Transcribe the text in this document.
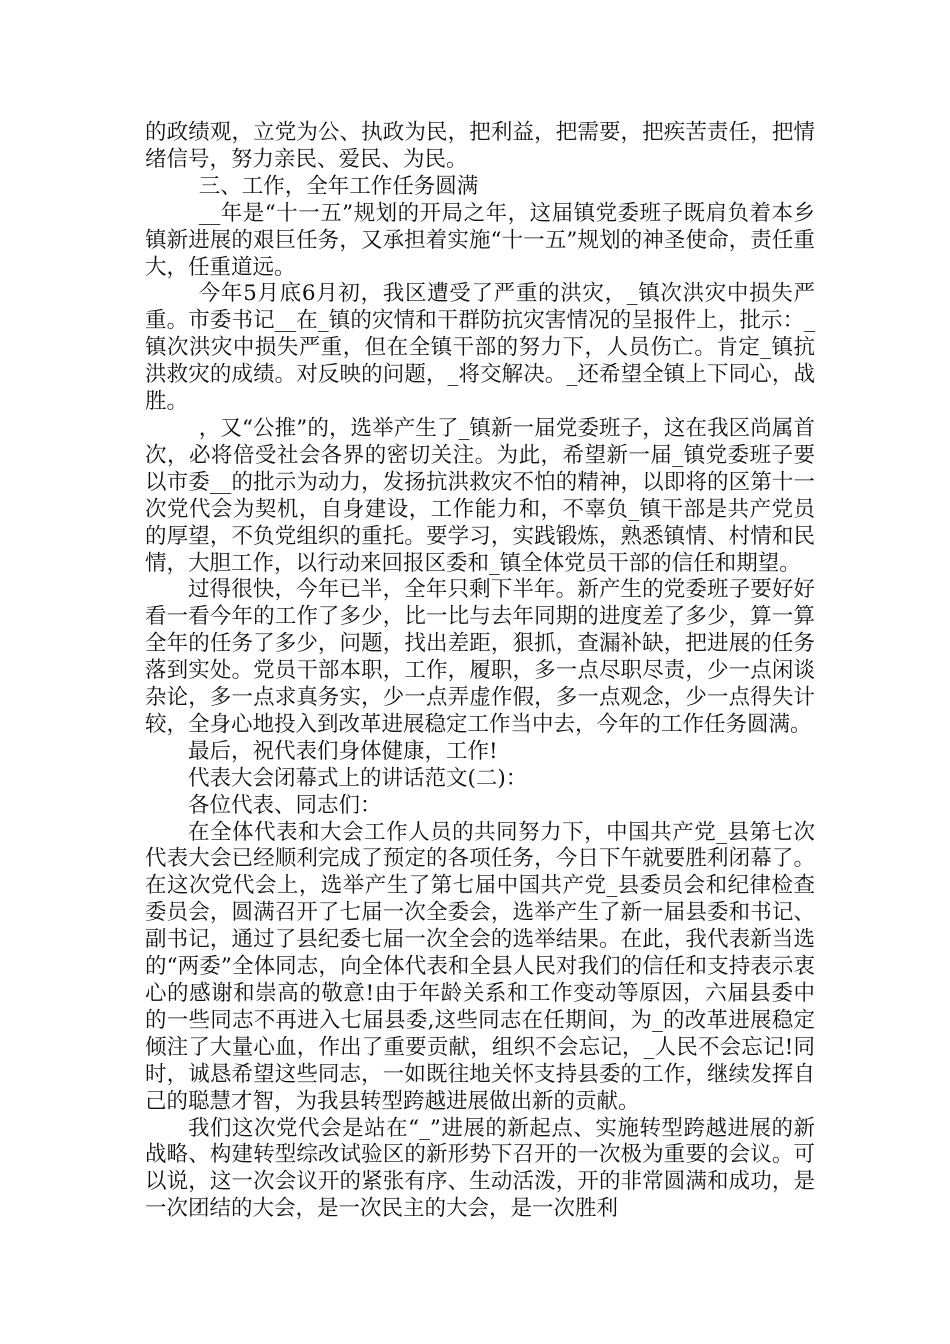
的政绩观，立党为公、执政为民，把利益，把需要，把疾苦责任，把情绪信号，努力亲民、爱民、为民。

三、工作，全年工作任务圆满

__年是“十一五”规划的开局之年，这届镇党委班子既肩负着本乡镇新进展的艰巨任务，又承担着实施“十一五”规划的神圣使命，责任重大，任重道远。

今年5月底6月初，我区遭受了严重的洪灾，_镇次洪灾中损失严重。市委书记__在_镇的灾情和干群防抗灾害情况的呈报件上，批示：_镇次洪灾中损失严重，但在全镇干部的努力下，人员伤亡。肯定_镇抗洪救灾的成绩。对反映的问题，_将交解决。_还希望全镇上下同心，战胜。

，又“公推”的，选举产生了_镇新一届党委班子，这在我区尚属首次，必将倍受社会各界的密切关注。为此，希望新一届_镇党委班子要以市委__的批示为动力，发扬抗洪救灾不怕的精神，以即将的区第十一次党代会为契机，自身建设，工作能力和，不辜负_镇干部是共产党员的厚望，不负党组织的重托。要学习，实践锻炼，熟悉镇情、村情和民情，大胆工作，以行动来回报区委和_镇全体党员干部的信任和期望。

过得很快，今年已半，全年只剩下半年。新产生的党委班子要好好看一看今年的工作了多少，比一比与去年同期的进度差了多少，算一算全年的任务了多少，问题，找出差距，狠抓，查漏补缺，把进展的任务落到实处。党员干部本职，工作，履职，多一点尽职尽责，少一点闲谈杂论，多一点求真务实，少一点弄虚作假，多一点观念，少一点得失计较，全身心地投入到改革进展稳定工作当中去，今年的工作任务圆满。

最后，祝代表们身体健康，工作!

代表大会闭幕式上的讲话范文(二)：

各位代表、同志们：

在全体代表和大会工作人员的共同努力下，中国共产党_县第七次代表大会已经顺利完成了预定的各项任务，今日下午就要胜利闭幕了。在这次党代会上，选举产生了第七届中国共产党_县委员会和纪律检查委员会，圆满召开了七届一次全委会，选举产生了新一届县委和书记、副书记，通过了县纪委七届一次全会的选举结果。在此，我代表新当选的“两委”全体同志，向全体代表和全县人民对我们的信任和支持表示衷心的感谢和崇高的敬意!由于年龄关系和工作变动等原因，六届县委中的一些同志不再进入七届县委,这些同志在任期间，为_的改革进展稳定倾注了大量心血，作出了重要贡献，组织不会忘记，_人民不会忘记!同时，诚恳希望这些同志，一如既往地关怀支持县委的工作，继续发挥自己的聪慧才智，为我县转型跨越进展做出新的贡献。

我们这次党代会是站在“_”进展的新起点、实施转型跨越进展的新战略、构建转型综改试验区的新形势下召开的一次极为重要的会议。可以说，这一次会议开的紧张有序、生动活泼，开的非常圆满和成功，是一次团结的大会，是一次民主的大会，是一次胜利
